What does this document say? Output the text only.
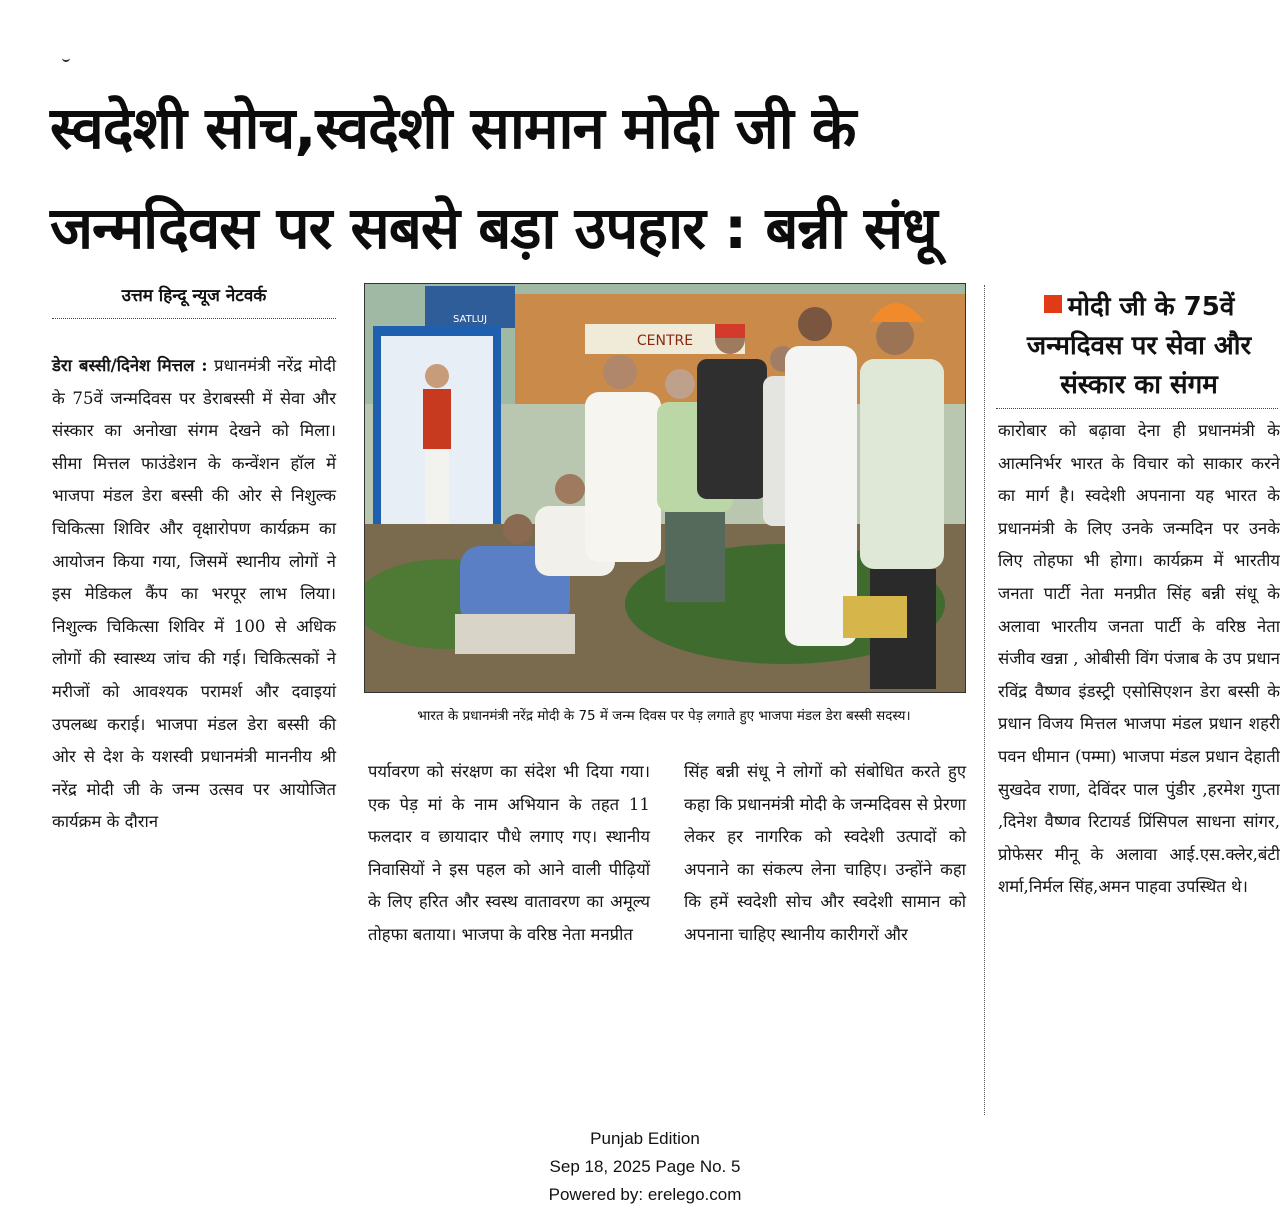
स्वदेशी सोच,स्वदेशी सामान मोदी जी के
जन्मदिवस पर सबसे बड़ा उपहार : बन्नी संधू
उत्तम हिन्दू न्यूज नेटवर्क

डेरा बस्सी/दिनेश मित्तल : प्रधानमंत्री नरेंद्र मोदी के 75वें जन्मदिवस पर डेराबस्सी में सेवा और संस्कार का अनोखा संगम देखने को मिला। सीमा मित्तल फाउंडेशन के कन्वेंशन हॉल में भाजपा मंडल डेरा बस्सी की ओर से निशुल्क चिकित्सा शिविर और वृक्षारोपण कार्यक्रम का आयोजन किया गया, जिसमें स्थानीय लोगों ने इस मेडिकल कैंप का भरपूर लाभ लिया। निशुल्क चिकित्सा शिविर में 100 से अधिक लोगों की स्वास्थ्य जांच की गई। चिकित्सकों ने मरीजों को आवश्यक परामर्श और दवाइयां उपलब्ध कराई। भाजपा मंडल डेरा बस्सी की ओर से देश के यशस्वी प्रधानमंत्री माननीय श्री नरेंद्र मोदी जी के जन्म उत्सव पर आयोजित कार्यक्रम के दौरान

CENTRE
SATLUJ
भारत के प्रधानमंत्री नरेंद्र मोदी के 75 में जन्म दिवस पर पेड़ लगाते हुए भाजपा मंडल डेरा बस्सी सदस्य।

पर्यावरण को संरक्षण का संदेश भी दिया गया। एक पेड़ मां के नाम अभियान के तहत 11 फलदार व छायादार पौधे लगाए गए। स्थानीय निवासियों ने इस पहल को आने वाली पीढ़ियों के लिए हरित और स्वस्थ वातावरण का अमूल्य तोहफा बताया। भाजपा के वरिष्ठ नेता मनप्रीत

सिंह बन्नी संधू ने लोगों को संबोधित करते हुए कहा कि प्रधानमंत्री मोदी के जन्मदिवस से प्रेरणा लेकर हर नागरिक को स्वदेशी उत्पादों को अपनाने का संकल्प लेना चाहिए। उन्होंने कहा कि हमें स्वदेशी सोच और स्वदेशी सामान को अपनाना चाहिए स्थानीय कारीगरों और

मोदी जी के 75वें जन्मदिवस पर सेवा और संस्कार का संगम

कारोबार को बढ़ावा देना ही प्रधानमंत्री के आत्मनिर्भर भारत के विचार को साकार करने का मार्ग है। स्वदेशी अपनाना यह भारत के प्रधानमंत्री के लिए उनके जन्मदिन पर उनके लिए तोहफा भी होगा। कार्यक्रम में भारतीय जनता पार्टी नेता मनप्रीत सिंह बन्नी संधू के अलावा भारतीय जनता पार्टी के वरिष्ठ नेता संजीव खन्ना , ओबीसी विंग पंजाब के उप प्रधान रविंद्र वैष्णव इंडस्ट्री एसोसिएशन डेरा बस्सी के प्रधान विजय मित्तल भाजपा मंडल प्रधान शहरी पवन धीमान (पम्मा) भाजपा मंडल प्रधान देहाती सुखदेव राणा, देविंदर पाल पुंडीर ,हरमेश गुप्ता ,दिनेश वैष्णव रिटायर्ड प्रिंसिपल साधना सांगर, प्रोफेसर मीनू के अलावा आई.एस.क्लेर,बंटी शर्मा,निर्मल सिंह,अमन पाहवा उपस्थित थे।

Punjab Edition
Sep 18, 2025 Page No. 5
Powered by: erelego.com
